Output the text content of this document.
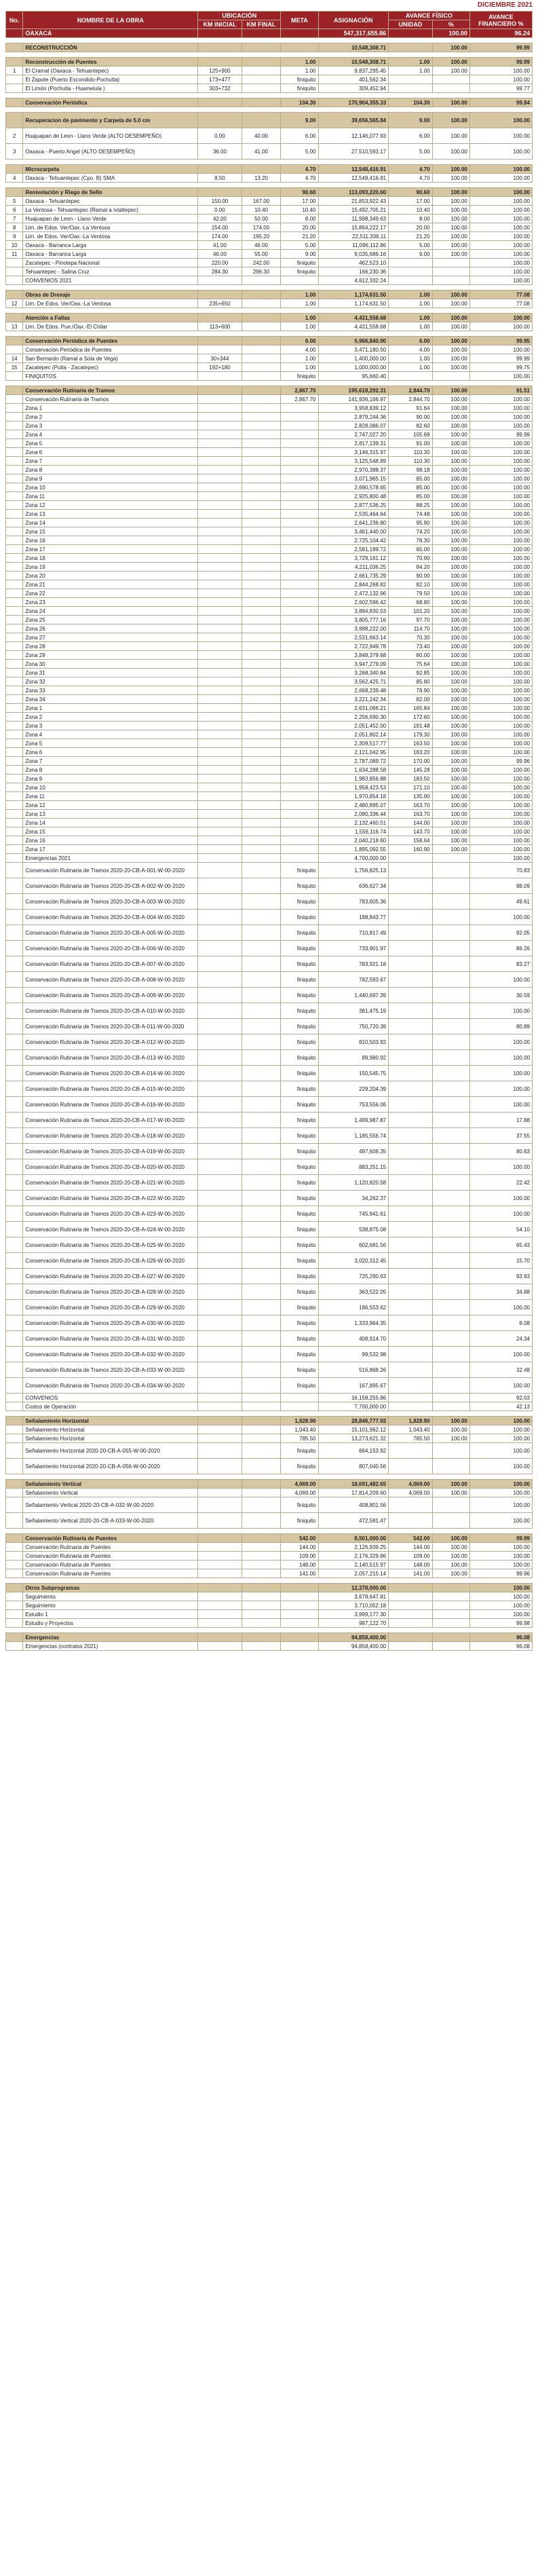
DICIEMBRE 2021
No.	NOMBRE DE LA OBRA	UBICACIÓN		META	ASIGNACIÓN	AVANCE FÍSICO		AVANCE FINANCIERO %
		KM INICIAL	KM FINAL			UNIDAD	%	
	OAXACA				547,317,655.86		100.00	96.24

	RECONSTRUCCIÓN				10,548,308.71		100.00	99.99

	Reconstrucción de Puentes			1.00	10,548,308.71	1.00	100.00	99.99
1	El Cramal (Oaxaca - Tehuantepec)	125+900		1.00	9,837,295.45	1.00	100.00	100.00
	El Zapote (Puerto Escondido-Pochutla)	173+477		finiquito	401,562.34			100.00
	El Limón (Pochutla - Huamelula )	303+732		finiquito	309,452.94			99.77

	Conservación Periódica			104.30	170,904,355.33	104.30	100.00	99.84

	Recuperacion de pavimento y Carpeta de 5.0 cm			9.00	39,656,565.84	9.00	100.00	100.00
2	Huajuapan de Leon - Llano Verde (ALTO DESEMPEÑO)	0.00	40.00	6.00	12,146,077.93	6.00	100.00	100.00
3	Oaxaca - Puerto Angel (ALTO DESEMPEÑO)	36.00	41.00	5.00	27,510,593.17	5.00	100.00	100.00

	Microcarpeta			4.70	12,548,416.91	4.70	100.00	100.00
4	Oaxaca - Tehuantepec (Cpo. B) SMA	8.50	13.20	4.70	12,548,416.91	4.70	100.00	100.00

	Renivelación y Riego de Sello			90.60	113,093,220.60	90.60	100.00	100.00
5	Oaxaca - Tehuantepec	150.00	167.00	17.00	21,853,922.43	17.00	100.00	100.00
6	La Ventosa - Tehuantepec (Ramal a Ixtaltepec)	0.00	10.40	10.40	15,492,705.21	10.40	100.00	100.00
7	Huajuapan de Leon - Llano Verde	42.00	50.00	8.00	11,998,349.63	8.00	100.00	100.00
8	Lim. de Edos. Ver/Oax.-La Ventosa	154.00	174.00	20.00	15,864,222.17	20.00	100.00	100.00
9	Lim. de Edos. Ver/Oax.-La Ventosa	174.00	195.20	21.20	22,511,336.11	21.20	100.00	100.00
10	Oaxaca - Barranca Larga	41.00	46.00	5.00	11,096,112.86	5.00	100.00	100.00
11	Oaxaca - Barranca Larga	46.00	55.00	9.00	9,035,686.16	9.00	100.00	100.00
	Zacatepec - Pinotepa Nacional	220.00	242.00	finiquito	462,523.10			100.00
	Tehuantepec - Salina Cruz	284.30	296.30	finiquito	166,230.36			100.00
	CONVENIOS 2021				4,612,332.24			100.00

	Obras de Drenaje			1.00	1,174,631.50	1.00	100.00	77.08
12	Lim. De Edos. Ver/Oax.-La Ventosa	235+650		1.00	1,174,631.50	1.00	100.00	77.08

	Atención a Fallas			1.00	4,431,558.68	1.00	100.00	100.00
13	Lim. De Edos. Pue./Oax.-El Chilar	113+600		1.00	4,431,558.68	1.00	100.00	100.00

	Conservación Periódica de Puentes			6.00	5,966,840.90	6.00	100.00	99.95
	Conservación Periódica de Puentes			4.00	3,471,180.50	4.00	100.00	100.00
14	San Bernardo (Ramal a Sola de Vega)	30+344		1.00	1,400,000.00	1.00	100.00	99.99
15	Zacatepec (Putla - Zacatepec)	192+180		1.00	1,000,000.00	1.00	100.00	99.75
	FINIQUITOS			finiquito	95,660.40			100.00

	Conservación Rutinaria de Tramos			2,867.70	195,618,292.31	2,844.70	100.00	91.51
	Conservación Rutinaria de Tramos			2,867.70	141,936,166.97	2,844.70	100.00	100.00
	Zona 1				3,958,839.12	91.64	100.00	100.00
	Zona 2				2,879,244.36	90.00	100.00	100.00
	Zona 3				2,828,086.07	82.60	100.00	100.00
	Zona 4				2,747,027.20	105.68	100.00	99.99
	Zona 5				2,817,139.31	91.00	100.00	100.00
	Zona 6				3,146,315.97	110.30	100.00	100.00
	Zona 7				3,125,548.89	110.30	100.00	100.00
	Zona 8				2,970,388.37	98.18	100.00	100.00
	Zona 9				3,071,965.15	85.00	100.00	100.00
	Zona 10				2,690,578.65	85.00	100.00	100.00
	Zona 11				2,925,800.48	85.00	100.00	100.00
	Zona 12				2,877,536.25	88.25	100.00	100.00
	Zona 13				2,535,464.64	74.48	100.00	100.00
	Zona 14				2,641,236.80	95.90	100.00	100.00
	Zona 15				3,461,440.00	74.20	100.00	100.00
	Zona 16				2,725,104.42	78.30	100.00	100.00
	Zona 17				2,581,189.72	65.00	100.00	100.00
	Zona 18				3,729,161.12	70.90	100.00	100.00
	Zona 19				4,211,036.25	84.20	100.00	100.00
	Zona 20				2,661,735.29	90.00	100.00	100.00
	Zona 21				2,844,268.82	82.10	100.00	100.00
	Zona 22				2,472,132.96	79.50	100.00	100.00
	Zona 23				2,602,596.42	68.80	100.00	100.00
	Zona 24				3,894,830.53	101.20	100.00	100.00
	Zona 25				3,805,777.16	97.70	100.00	100.00
	Zona 26				3,998,222.00	114.70	100.00	100.00
	Zona 27				2,531,663.14	70.30	100.00	100.00
	Zona 28				2,722,949.78	73.40	100.00	100.00
	Zona 29				3,848,379.68	80.00	100.00	100.00
	Zona 30				3,947,279.09	75.64	100.00	100.00
	Zona 31				3,268,340.84	92.85	100.00	100.00
	Zona 32				3,562,425.71	85.80	100.00	100.00
	Zona 33				2,668,239.48	78.90	100.00	100.00
	Zona 34				3,221,242.34	82.00	100.00	100.00
	Zona 1				2,631,066.21	165.84	100.00	100.00
	Zona 2				2,256,690.30	172.60	100.00	100.00
	Zona 3				2,051,452.00	191.48	100.00	100.00
	Zona 4				2,051,802.14	179.30	100.00	100.00
	Zona 5				2,309,517.77	163.50	100.00	100.00
	Zona 6				2,121,042.95	183.20	100.00	100.00
	Zona 7				2,787,089.72	170.00	100.00	99.96
	Zona 8				1,634,288.58	145.28	100.00	100.00
	Zona 9				1,983,856.88	183.50	100.00	100.00
	Zona 10				1,958,423.53	171.10	100.00	100.00
	Zona 11				1,970,854.18	135.90	100.00	100.00
	Zona 12				2,480,895.07	163.70	100.00	100.00
	Zona 13				2,080,336.44	163.70	100.00	100.00
	Zona 14				2,132,460.51	144.00	100.00	100.00
	Zona 15				1,556,116.74	143.70	100.00	100.00
	Zona 16				2,040,218.60	158.64	100.00	100.00
	Zona 17				1,895,092.55	160.90	100.00	100.00
	Emergencias 2021				4,700,000.00			100.00
	Conservación Rutinaria de Tramos 2020-20-CB-A-001-W-00-2020			finiquito	1,756,825.13			70.83
	Conservación Rutinaria de Tramos 2020-20-CB-A-002-W-00-2020			finiquito	636,627.34			88.09
	Conservación Rutinaria de Tramos 2020-20-CB-A-003-W-00-2020			finiquito	783,605.36			49.61
	Conservación Rutinaria de Tramos 2020-20-CB-A-004-W-00-2020			finiquito	188,843.77			100.00
	Conservación Rutinaria de Tramos 2020-20-CB-A-005-W-00-2020			finiquito	710,817.49			92.05
	Conservación Rutinaria de Tramos 2020-20-CB-A-006-W-00-2020			finiquito	733,901.97			86.26
	Conservación Rutinaria de Tramos 2020-20-CB-A-007-W-00-2020			finiquito	783,921.18			83.27
	Conservación Rutinaria de Tramos 2020-20-CB-A-008-W-00-2020			finiquito	782,593.67			100.00
	Conservación Rutinaria de Tramos 2020-20-CB-A-009-W-00-2020			finiquito	1,440,697.39			30.59
	Conservación Rutinaria de Tramos 2020-20-CB-A-010-W-00-2020			finiquito	381,475.19			100.00
	Conservación Rutinaria de Tramos 2020-20-CB-A-011-W-00-2020			finiquito	750,720.39			80.89
	Conservación Rutinaria de Tramos 2020-20-CB-A-012-W-00-2020			finiquito	810,503.92			100.00
	Conservación Rutinaria de Tramos 2020-20-CB-A-013-W-00-2020			finiquito	89,980.92			100.00
	Conservación Rutinaria de Tramos 2020-20-CB-A-014-W-00-2020			finiquito	150,545.75			100.00
	Conservación Rutinaria de Tramos 2020-20-CB-A-015-W-00-2020			finiquito	229,204.39			100.00
	Conservación Rutinaria de Tramos 2020-20-CB-A-016-W-00-2020			finiquito	753,556.06			100.00
	Conservación Rutinaria de Tramos 2020-20-CB-A-017-W-00-2020			finiquito	1,499,987.87			17.88
	Conservación Rutinaria de Tramos 2020-20-CB-A-018-W-00-2020			finiquito	1,185,556.74			37.55
	Conservación Rutinaria de Tramos 2020-20-CB-A-019-W-00-2020			finiquito	497,608.35			80.63
	Conservación Rutinaria de Tramos 2020-20-CB-A-020-W-00-2020			finiquito	883,251.15			100.00
	Conservación Rutinaria de Tramos 2020-20-CB-A-021-W-00-2020			finiquito	1,120,820.58			22.42
	Conservación Rutinaria de Tramos 2020-20-CB-A-022-W-00-2020			finiquito	34,262.37			100.00
	Conservación Rutinaria de Tramos 2020-20-CB-A-023-W-00-2020			finiquito	745,941.61			100.00
	Conservación Rutinaria de Tramos 2020-20-CB-A-024-W-00-2020			finiquito	538,875.08			54.10
	Conservación Rutinaria de Tramos 2020-20-CB-A-025-W-00-2020			finiquito	602,681.56			65.43
	Conservación Rutinaria de Tramos 2020-20-CB-A-026-W-00-2020			finiquito	3,020,312.45			15.70
	Conservación Rutinaria de Tramos 2020-20-CB-A-027-W-00-2020			finiquito	725,290.63			93.93
	Conservación Rutinaria de Tramos 2020-20-CB-A-028-W-00-2020			finiquito	363,522.05			34.88
	Conservación Rutinaria de Tramos 2020-20-CB-A-029-W-00-2020			finiquito	186,553.62			100.00
	Conservación Rutinaria de Tramos 2020-20-CB-A-030-W-00-2020			finiquito	1,333,964.35			8.08
	Conservación Rutinaria de Tramos 2020-20-CB-A-031-W-00-2020			finiquito	408,914.70			24.34
	Conservación Rutinaria de Tramos 2020-20-CB-A-032-W-00-2020			finiquito	99,532.98			100.00
	Conservación Rutinaria de Tramos 2020-20-CB-A-033-W-00-2020			finiquito	516,868.26			32.48
	Conservación Rutinaria de Tramos 2020-20-CB-A-034-W-00-2020			finiquito	167,895.67			100.00
	CONVENIOS				16,158,255.86			92.03
	Costos de Operación				7,700,000.00			42.13

	Señalamiento Horizontal			1,828.90	28,846,777.92	1,828.90	100.00	100.00
	Señalamiento Horizontal			1,043.40	15,101,962.12	1,043.40	100.00	100.00
	Señalamiento Horizontal			785.50	13,273,621.32	785.50	100.00	100.00
	Señalamiento Horizontal 2020-20-CB-A-055-W-00-2020			finiquito	664,153.92			100.00
	Señalamiento Horizontal 2020-20-CB-A-056-W-00-2020			finiquito	807,040.56			100.00

	Señalamiento Vertical			4,069.00	18,691,482.65	4,069.00	100.00	100.00
	Señalamiento Vertical			4,069.00	17,814,209.60	4,069.00	100.00	100.00
	Señalamiento Vertical 2020-20-CB-A-032-W-00-2020			finiquito	408,801.56			100.00
	Señalamiento Vertical 2020-20-CB-A-033-W-00-2020			finiquito	472,581.47			100.00

	Conservación Rutinaria de Puentes			542.00	8,501,000.00	542.00	100.00	99.99
	Conservación Rutinaria de Puentes			144.00	2,126,939.25	144.00	100.00	100.00
	Conservación Rutinaria de Puentes			109.00	2,176,329.86	109.00	100.00	100.00
	Conservación Rutinaria de Puentes			148.00	2,140,515.97	148.00	100.00	100.00
	Conservación Rutinaria de Puentes			141.00	2,057,215.14	141.00	100.00	99.96

	Otros Subprogramas				12,378,000.00			100.00
	Seguimiento				3,678,647.81			100.00
	Seguimiento				3,710,052.18			100.00
	Estudio 1				3,999,177.30			100.00
	Estudio y Proyectos				987,122.70			99.98

	Emergencias				94,858,400.00			96.08
	Emergencias (contratos 2021)				94,858,400.00			96.08
